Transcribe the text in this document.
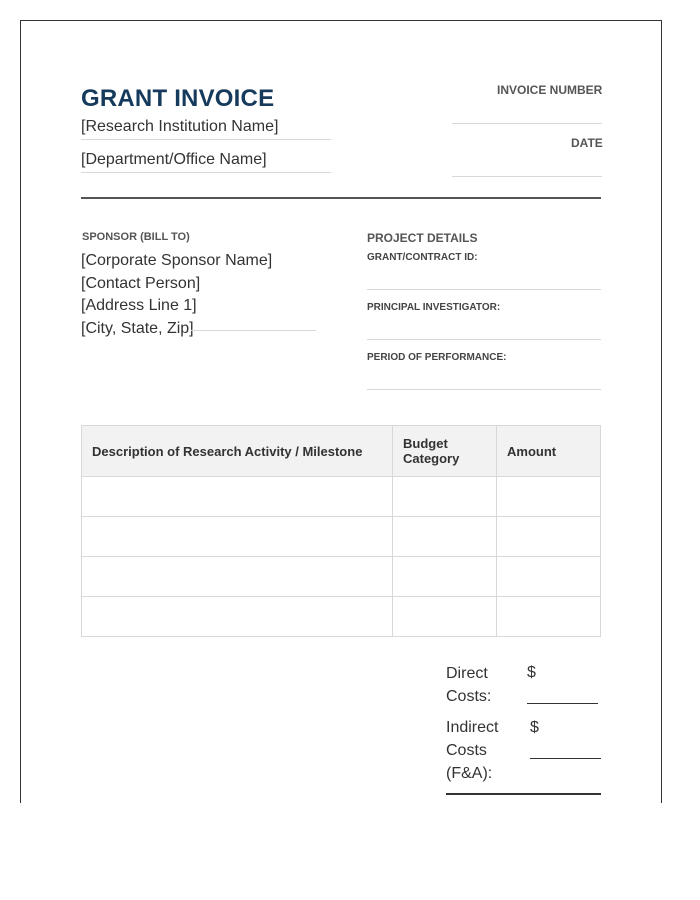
GRANT INVOICE
[Research Institution Name]
[Department/Office Name]
INVOICE NUMBER
DATE
SPONSOR (BILL TO)
[Corporate Sponsor Name]
[Contact Person]
[Address Line 1]
[City, State, Zip]
PROJECT DETAILS
GRANT/CONTRACT ID:
PRINCIPAL INVESTIGATOR:
PERIOD OF PERFORMANCE:
Description of Research Activity / Milestone	Budget Category	Amount

Direct Costs:
$
Indirect Costs (F&A):
$
